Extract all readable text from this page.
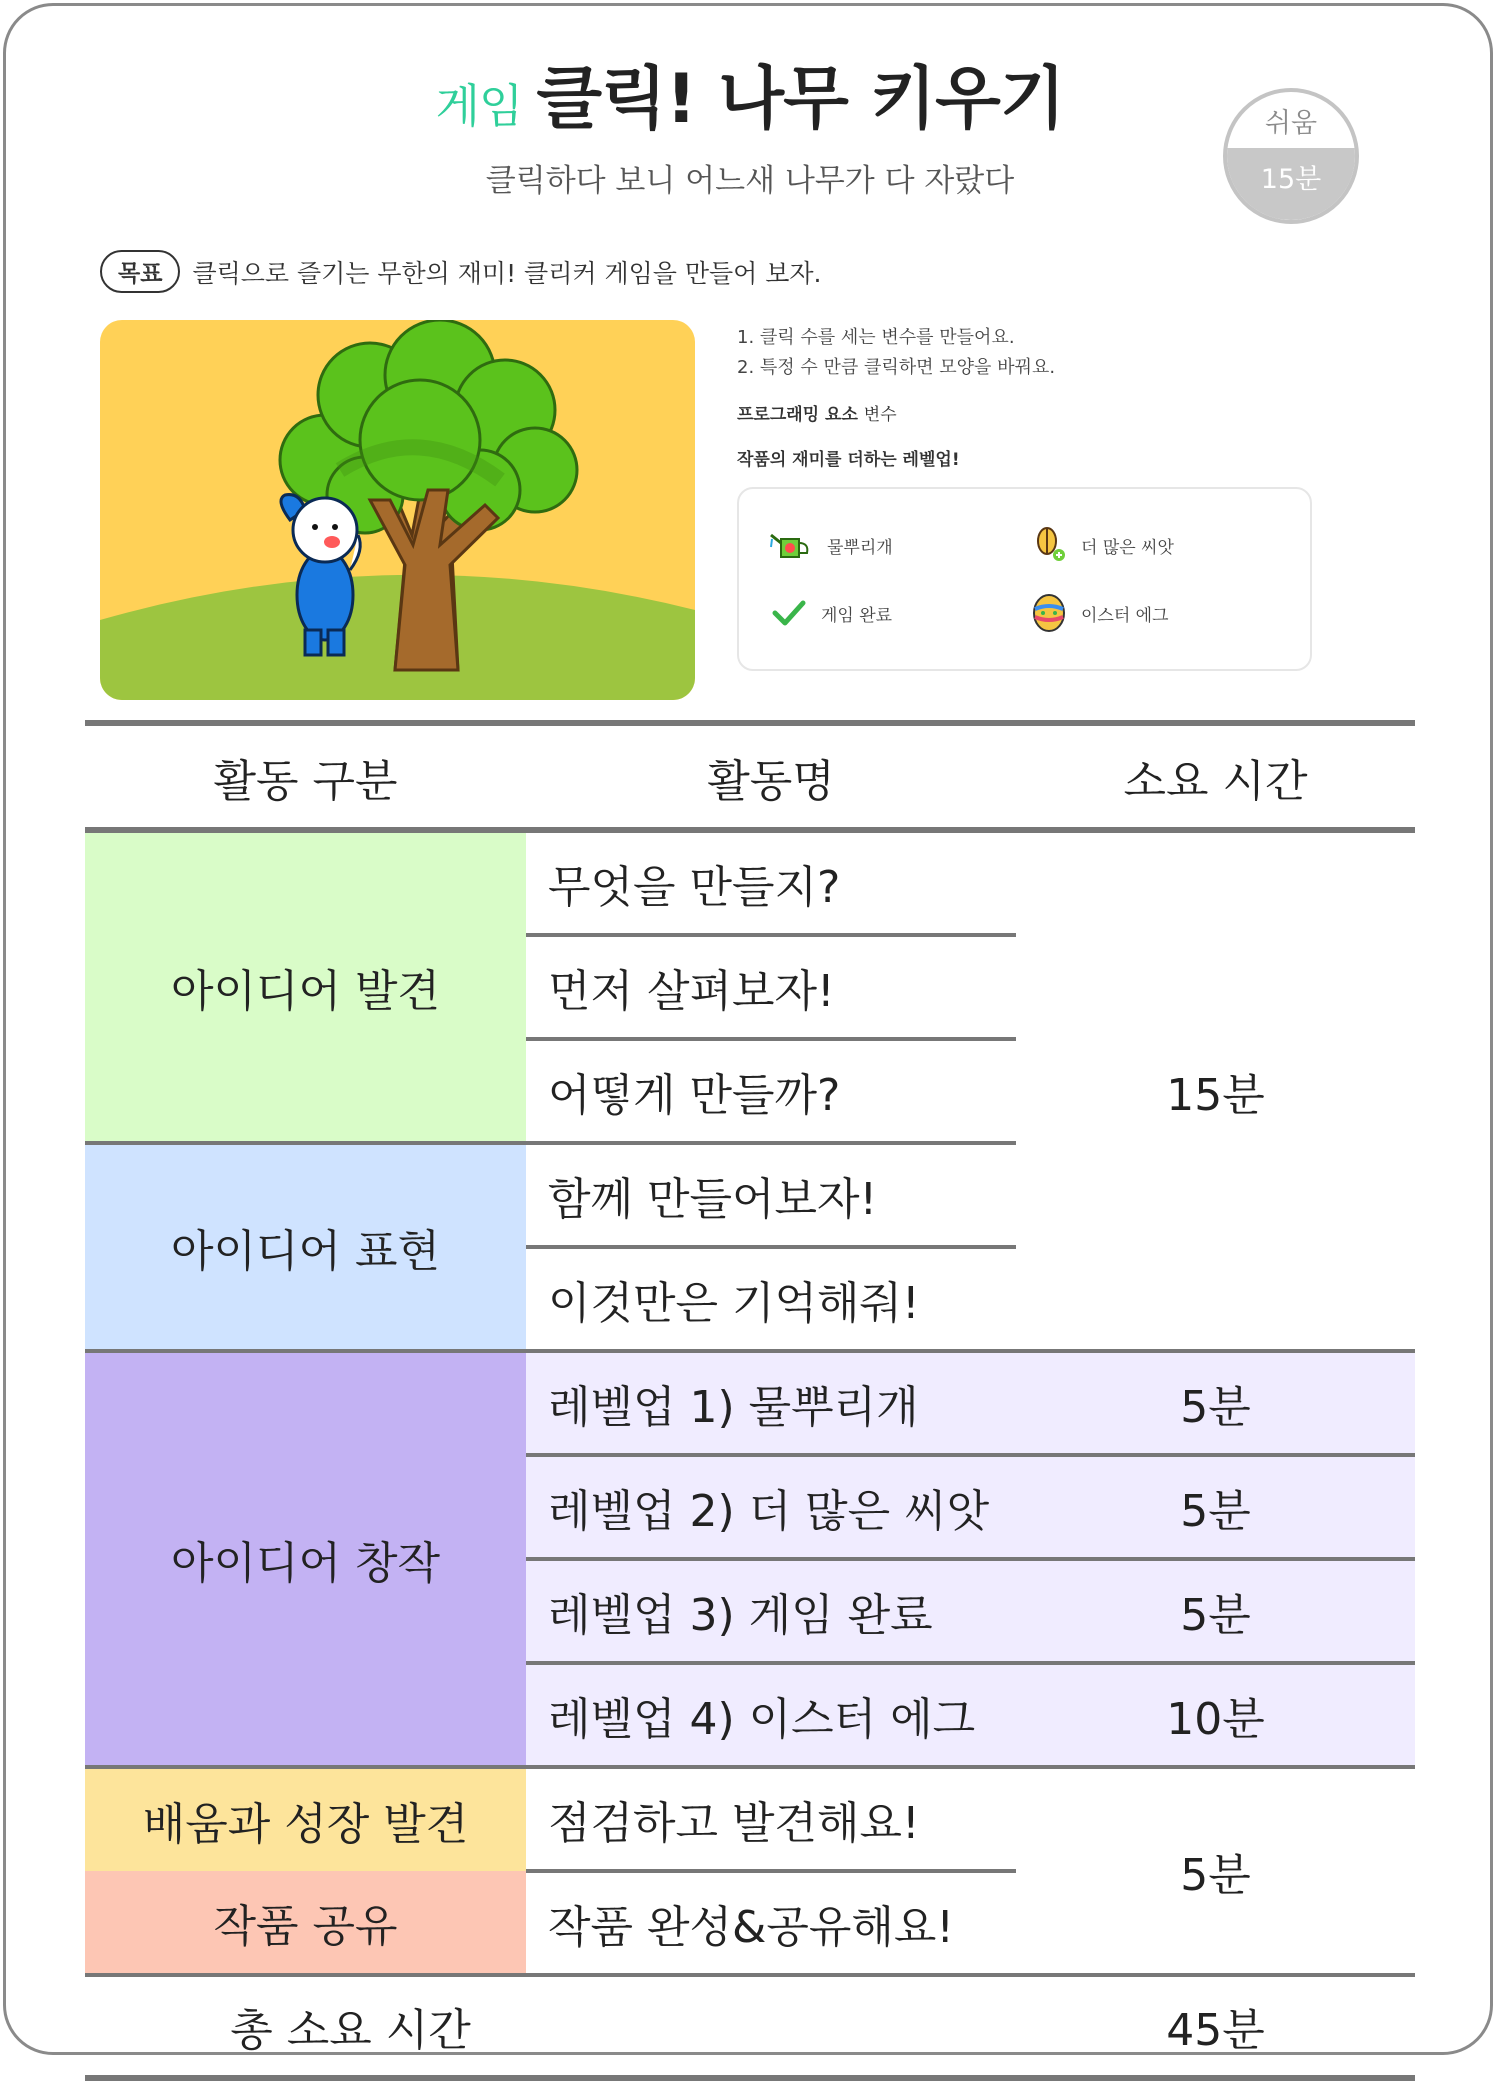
게임 클릭! 나무 키우기
클릭하다 보니 어느새 나무가 다 자랐다
쉬움
15분
목표	클릭으로 즐기는 무한의 재미! 클리커 게임을 만들어 보자.
1. 클릭 수를 세는 변수를 만들어요.
2. 특정 수 만큼 클릭하면 모양을 바꿔요.
프로그래밍 요소 변수
작품의 재미를 더하는 레벨업!
물뿌리개	더 많은 씨앗
게임 완료	이스터 에그
활동 구분	활동명	소요 시간
아이디어 발견	무엇을 만들지?	15분
	먼저 살펴보자!	
	어떻게 만들까?	
아이디어 표현	함께 만들어보자!	
	이것만은 기억해줘!	
아이디어 창작	레벨업 1) 물뿌리개	5분
	레벨업 2) 더 많은 씨앗	5분
	레벨업 3) 게임 완료	5분
	레벨업 4) 이스터 에그	10분
배움과 성장 발견	점검하고 발견해요!	5분
작품 공유	작품 완성&공유해요!	
총 소요 시간		45분
